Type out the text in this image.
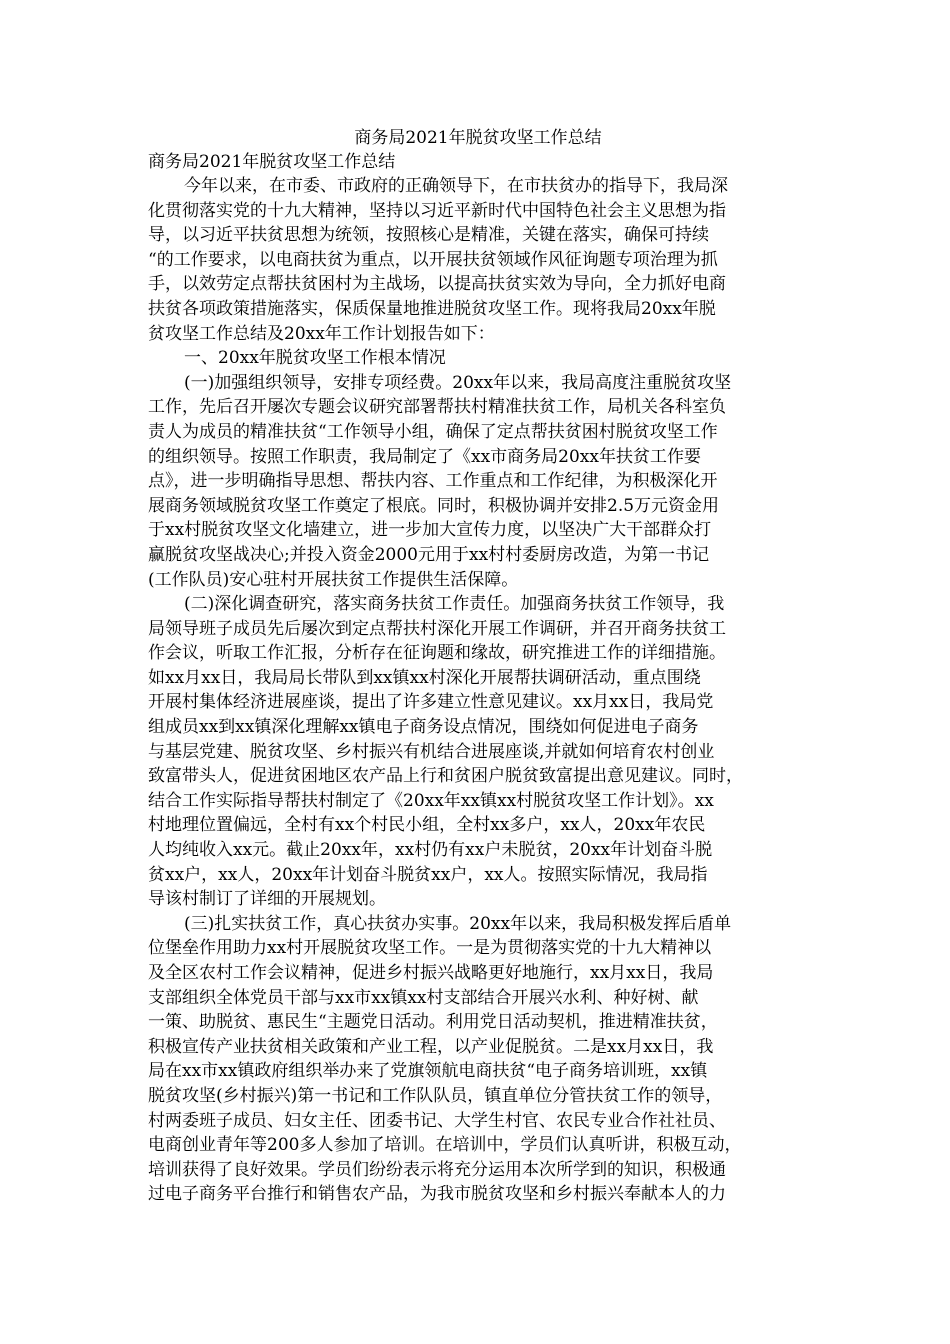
商务局2021年脱贫攻坚工作总结
商务局2021年脱贫攻坚工作总结
今年以来，在市委、市政府的正确领导下，在市扶贫办的指导下，我局深
化贯彻落实党的十九大精神，坚持以习近平新时代中国特色社会主义思想为指
导，以习近平扶贫思想为统领，按照核心是精准，关键在落实，确保可持续
“的工作要求，以电商扶贫为重点，以开展扶贫领域作风征询题专项治理为抓
手，以效劳定点帮扶贫困村为主战场，以提高扶贫实效为导向，全力抓好电商
扶贫各项政策措施落实，保质保量地推进脱贫攻坚工作。现将我局20xx年脱
贫攻坚工作总结及20xx年工作计划报告如下：
一、20xx年脱贫攻坚工作根本情况
(一)加强组织领导，安排专项经费。20xx年以来，我局高度注重脱贫攻坚
工作，先后召开屡次专题会议研究部署帮扶村精准扶贫工作，局机关各科室负
责人为成员的精准扶贫“工作领导小组，确保了定点帮扶贫困村脱贫攻坚工作
的组织领导。按照工作职责，我局制定了《xx市商务局20xx年扶贫工作要
点》，进一步明确指导思想、帮扶内容、工作重点和工作纪律，为积极深化开
展商务领域脱贫攻坚工作奠定了根底。同时，积极协调并安排2.5万元资金用
于xx村脱贫攻坚文化墙建立，进一步加大宣传力度，以坚决广大干部群众打
赢脱贫攻坚战决心;并投入资金2000元用于xx村村委厨房改造，为第一书记
(工作队员)安心驻村开展扶贫工作提供生活保障。
(二)深化调查研究，落实商务扶贫工作责任。加强商务扶贫工作领导，我
局领导班子成员先后屡次到定点帮扶村深化开展工作调研，并召开商务扶贫工
作会议，听取工作汇报，分析存在征询题和缘故，研究推进工作的详细措施。
如xx月xx日，我局局长带队到xx镇xx村深化开展帮扶调研活动，重点围绕
开展村集体经济进展座谈，提出了许多建立性意见建议。xx月xx日，我局党
组成员xx到xx镇深化理解xx镇电子商务设点情况，围绕如何促进电子商务
与基层党建、脱贫攻坚、乡村振兴有机结合进展座谈,并就如何培育农村创业
致富带头人，促进贫困地区农产品上行和贫困户脱贫致富提出意见建议。同时，
结合工作实际指导帮扶村制定了《20xx年xx镇xx村脱贫攻坚工作计划》。xx
村地理位置偏远，全村有xx个村民小组，全村xx多户，xx人，20xx年农民
人均纯收入xx元。截止20xx年，xx村仍有xx户未脱贫，20xx年计划奋斗脱
贫xx户，xx人，20xx年计划奋斗脱贫xx户，xx人。按照实际情况，我局指
导该村制订了详细的开展规划。
(三)扎实扶贫工作，真心扶贫办实事。20xx年以来，我局积极发挥后盾单
位堡垒作用助力xx村开展脱贫攻坚工作。一是为贯彻落实党的十九大精神以
及全区农村工作会议精神，促进乡村振兴战略更好地施行，xx月xx日，我局
支部组织全体党员干部与xx市xx镇xx村支部结合开展兴水利、种好树、献
一策、助脱贫、惠民生“主题党日活动。利用党日活动契机，推进精准扶贫，
积极宣传产业扶贫相关政策和产业工程，以产业促脱贫。二是xx月xx日，我
局在xx市xx镇政府组织举办来了党旗领航电商扶贫“电子商务培训班，xx镇
脱贫攻坚(乡村振兴)第一书记和工作队队员，镇直单位分管扶贫工作的领导，
村两委班子成员、妇女主任、团委书记、大学生村官、农民专业合作社社员、
电商创业青年等200多人参加了培训。在培训中，学员们认真听讲，积极互动，
培训获得了良好效果。学员们纷纷表示将充分运用本次所学到的知识，积极通
过电子商务平台推行和销售农产品，为我市脱贫攻坚和乡村振兴奉献本人的力
